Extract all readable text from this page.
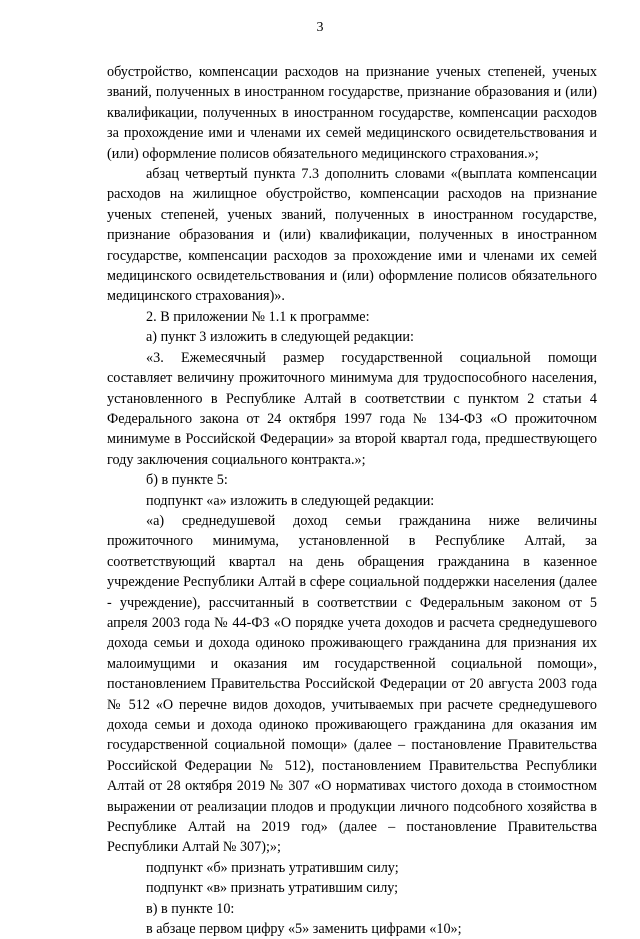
3

обустройство, компенсации расходов на признание ученых степеней, ученых званий, полученных в иностранном государстве, признание образования и (или) квалификации, полученных в иностранном государстве, компенсации расходов за прохождение ими и членами их семей медицинского освидетельствования и (или) оформление полисов обязательного медицинского страхования.»;

абзац четвертый пункта 7.3 дополнить словами «(выплата компенсации расходов на жилищное обустройство, компенсации расходов на признание ученых степеней, ученых званий, полученных в иностранном государстве, признание образования и (или) квалификации, полученных в иностранном государстве, компенсации расходов за прохождение ими и членами их семей медицинского освидетельствования и (или) оформление полисов обязательного медицинского страхования)».

2. В приложении № 1.1 к программе:

а) пункт 3 изложить в следующей редакции:

«3. Ежемесячный размер государственной социальной помощи составляет величину прожиточного минимума для трудоспособного населения, установленного в Республике Алтай в соответствии с пунктом 2 статьи 4 Федерального закона от 24 октября 1997 года № 134-ФЗ «О прожиточном минимуме в Российской Федерации» за второй квартал года, предшествующего году заключения социального контракта.»;

б) в пункте 5:

подпункт «а» изложить в следующей редакции:

«а) среднедушевой доход семьи гражданина ниже величины прожиточного минимума, установленной в Республике Алтай, за соответствующий квартал на день обращения гражданина в казенное учреждение Республики Алтай в сфере социальной поддержки населения (далее - учреждение), рассчитанный в соответствии с Федеральным законом от 5 апреля 2003 года № 44-ФЗ «О порядке учета доходов и расчета среднедушевого дохода семьи и дохода одиноко проживающего гражданина для признания их малоимущими и оказания им государственной социальной помощи», постановлением Правительства Российской Федерации от 20 августа 2003 года № 512 «О перечне видов доходов, учитываемых при расчете среднедушевого дохода семьи и дохода одиноко проживающего гражданина для оказания им государственной социальной помощи» (далее – постановление Правительства Российской Федерации № 512), постановлением Правительства Республики Алтай от 28 октября 2019 № 307 «О нормативах чистого дохода в стоимостном выражении от реализации плодов и продукции личного подсобного хозяйства в Республике Алтай на 2019 год» (далее – постановление Правительства Республики Алтай № 307);»;

подпункт «б» признать утратившим силу;

подпункт «в» признать утратившим силу;

в) в пункте 10:

в абзаце первом цифру «5» заменить цифрами «10»;
